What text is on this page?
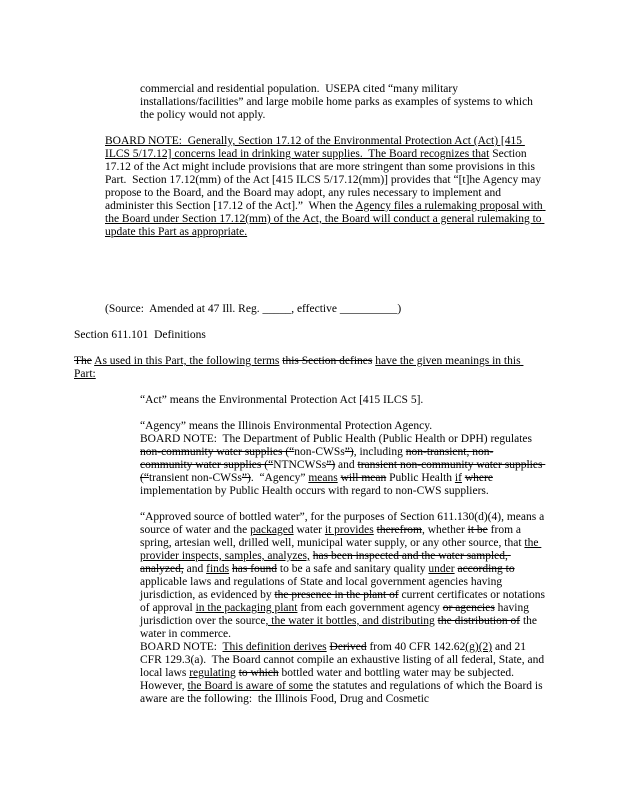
commercial and residential population.  USEPA cited “many military installations/facilities” and large mobile home parks as examples of systems to which the policy would not apply.

BOARD NOTE:  Generally, Section 17.12 of the Environmental Protection Act (Act) [415 ILCS 5/17.12] concerns lead in drinking water supplies.  The Board recognizes that Section 17.12 of the Act might include provisions that are more stringent than some provisions in this Part.  Section 17.12(mm) of the Act [415 ILCS 5/17.12(mm)] provides that “[t]he Agency may propose to the Board, and the Board may adopt, any rules necessary to implement and administer this Section [17.12 of the Act].”  When the Agency files a rulemaking proposal with the Board under Section 17.12(mm) of the Act, the Board will conduct a general rulemaking to update this Part as appropriate.

(Source:  Amended at 47 Ill. Reg. _____, effective __________)

Section 611.101  Definitions

The As used in this Part, the following terms this Section defines have the given meanings in this Part:

“Act” means the Environmental Protection Act [415 ILCS 5].

“Agency” means the Illinois Environmental Protection Agency.

BOARD NOTE:  The Department of Public Health (Public Health or DPH) regulates non-community water supplies (“non-CWSs”), including non-transient, non-community water supplies (“NTNCWSs”) and transient non-community water supplies (“transient non-CWSs”).  “Agency” means will mean Public Health if where implementation by Public Health occurs with regard to non-CWS suppliers.

“Approved source of bottled water”, for the purposes of Section 611.130(d)(4), means a source of water and the packaged water it provides therefrom, whether it be from a spring, artesian well, drilled well, municipal water supply, or any other source, that the provider inspects, samples, analyzes, has been inspected and the water sampled, analyzed, and finds has found to be a safe and sanitary quality under according to applicable laws and regulations of State and local government agencies having jurisdiction, as evidenced by the presence in the plant of current certificates or notations of approval in the packaging plant from each government agency or agencies having jurisdiction over the source, the water it bottles, and distributing the distribution of the water in commerce.

BOARD NOTE:  This definition derives Derived from 40 CFR 142.62(g)(2) and 21 CFR 129.3(a).  The Board cannot compile an exhaustive listing of all federal, State, and local laws regulating to which bottled water and bottling water may be subjected.  However, the Board is aware of some the statutes and regulations of which the Board is aware are the following:  the Illinois Food, Drug and Cosmetic
